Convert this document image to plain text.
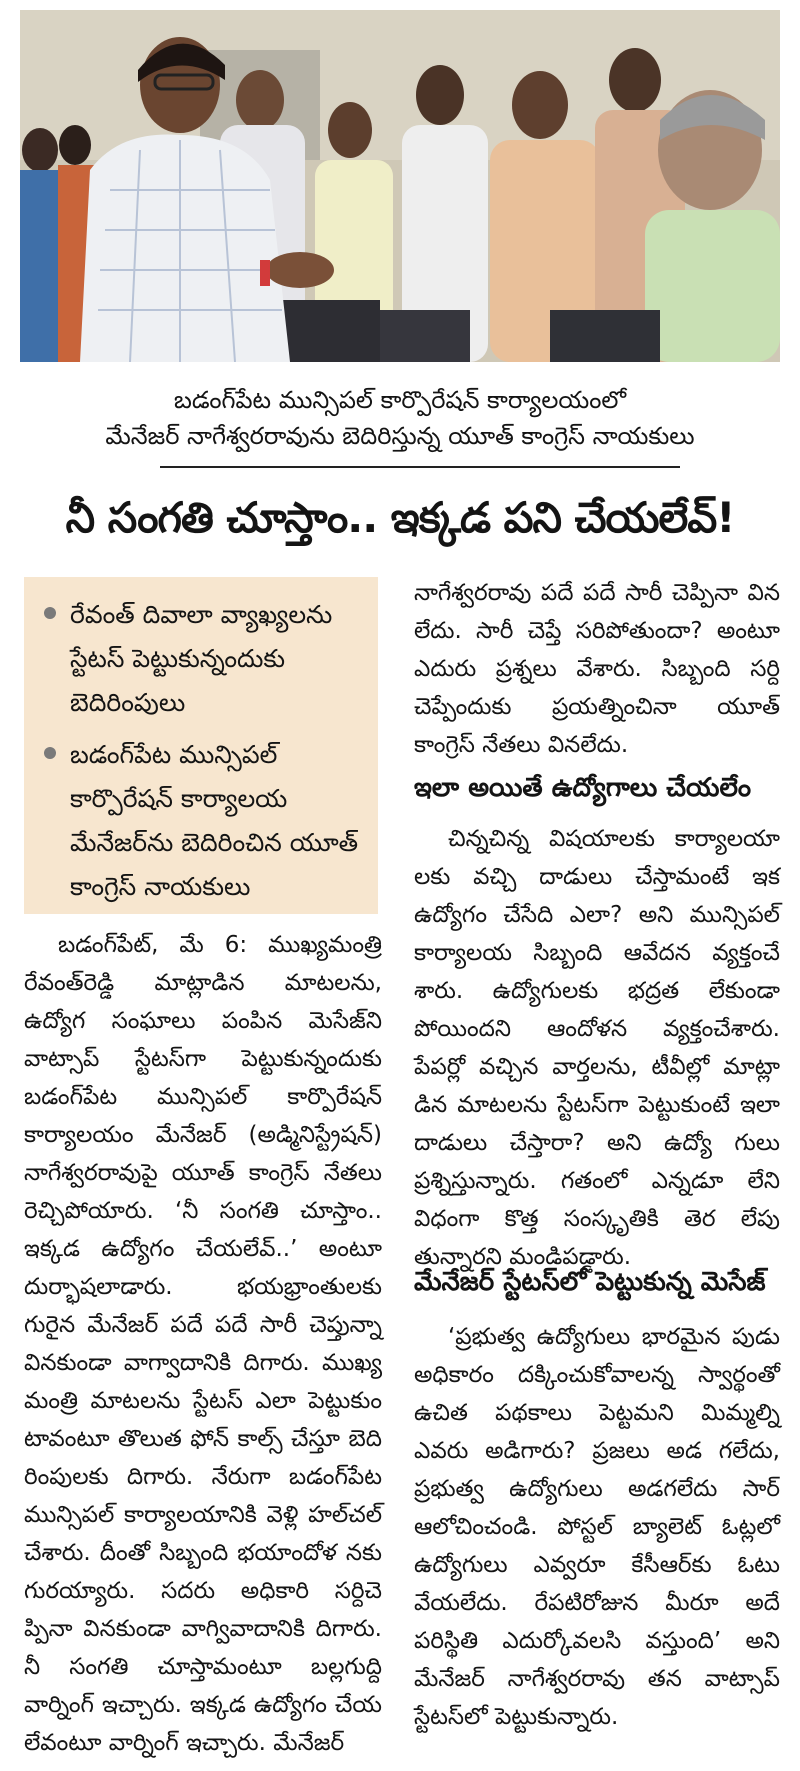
బడంగ్‌పేట మున్సిపల్‌ కార్పొరేషన్‌ కార్యాలయంలో
మేనేజర్‌ నాగేశ్వరరావును బెదిరిస్తున్న యూత్‌ కాంగ్రెస్‌ నాయకులు
నీ సంగతి చూస్తాం.. ఇక్కడ పని చేయలేవ్‌!
రేవంత్‌ దివాలా వ్యాఖ్యలను స్టేటస్‌ పెట్టుకున్నందుకు బెదిరింపులు
బడంగ్‌పేట మున్సిపల్‌ కార్పొరేషన్‌ కార్యాలయ మేనేజర్‌ను బెదిరించిన యూత్‌ కాంగ్రెస్‌ నాయకులు

బడంగ్‌పేట్‌, మే 6: ముఖ్యమంత్రి రేవంత్‌రెడ్డి మాట్లాడిన మాటలను, ఉద్యోగ సంఘాలు పంపిన మెసేజ్‌ని వాట్సాప్‌ స్టేటస్‌గా పెట్టుకున్నందుకు బడంగ్‌పేట మున్సిపల్‌ కార్పొరేషన్‌ కార్యాలయం మేనేజర్‌ (అడ్మినిస్ట్రేషన్‌) నాగేశ్వరరావుపై యూత్‌ కాంగ్రెస్‌ నేతలు రెచ్చిపోయారు. ‘నీ సంగతి చూస్తాం.. ఇక్కడ ఉద్యోగం చేయలేవ్‌..’ అంటూ దుర్భాషలాడారు. భయభ్రాంతులకు గురైన మేనేజర్‌ పదే పదే సారీ చెప్తున్నా వినకుండా వాగ్వాదానికి దిగారు. ముఖ్య మంత్రి మాటలను స్టేటస్‌ ఎలా పెట్టుకుం టావంటూ తొలుత ఫోన్‌ కాల్స్‌ చేస్తూ బెది రింపులకు దిగారు. నేరుగా బడంగ్‌పేట మున్సిపల్‌ కార్యాలయానికి వెళ్లి హల్‌చల్‌ చేశారు. దీంతో సిబ్బంది భయాందోళ నకు గురయ్యారు. సదరు అధికారి సర్దిచె ప్పినా వినకుండా వాగ్వివాదానికి దిగారు. నీ సంగతి చూస్తామంటూ బల్లగుద్ది వార్నింగ్‌ ఇచ్చారు. ఇక్కడ ఉద్యోగం చేయ లేవంటూ వార్నింగ్‌ ఇచ్చారు. మేనేజర్‌

నాగేశ్వరరావు పదే పదే సారీ చెప్పినా విన లేదు. సారీ చెప్తే సరిపోతుందా? అంటూ ఎదురు ప్రశ్నలు వేశారు. సిబ్బంది సర్ది చెప్పేందుకు ప్రయత్నించినా యూత్‌ కాంగ్రెస్‌ నేతలు వినలేదు.

ఇలా అయితే ఉద్యోగాలు చేయలేం

చిన్నచిన్న విషయాలకు కార్యాలయా లకు వచ్చి దాడులు చేస్తామంటే ఇక ఉద్యోగం చేసేది ఎలా? అని మున్సిపల్‌ కార్యాలయ సిబ్బంది ఆవేదన వ్యక్తంచే శారు. ఉద్యోగులకు భద్రత లేకుండా పోయిందని ఆందోళన వ్యక్తంచేశారు. పేపర్లో వచ్చిన వార్తలను, టీవీల్లో మాట్లా డిన మాటలను స్టేటస్‌గా పెట్టుకుంటే ఇలా దాడులు చేస్తారా? అని ఉద్యో గులు ప్రశ్నిస్తున్నారు. గతంలో ఎన్నడూ లేని విధంగా కొత్త సంస్కృతికి తెర లేపు తున్నారని మండిపడ్డారు.

మేనేజర్‌ స్టేటస్‌లో పెట్టుకున్న మెసేజ్‌

‘ప్రభుత్వ ఉద్యోగులు భారమైన పుడు అధికారం దక్కించుకోవాలన్న స్వార్థంతో ఉచిత పథకాలు పెట్టమని మిమ్మల్ని ఎవరు అడిగారు? ప్రజలు అడ గలేదు, ప్రభుత్వ ఉద్యోగులు అడగలేదు సార్‌ ఆలోచించండి. పోస్టల్‌ బ్యాలెట్‌ ఓట్లలో ఉద్యోగులు ఎవ్వరూ కేసీఆర్‌కు ఓటు వేయలేదు. రేపటిరోజున మీరూ అదే పరిస్థితి ఎదుర్కోవలసి వస్తుంది’ అని మేనేజర్‌ నాగేశ్వరరావు తన వాట్సాప్‌ స్టేటస్‌లో పెట్టుకున్నారు.
